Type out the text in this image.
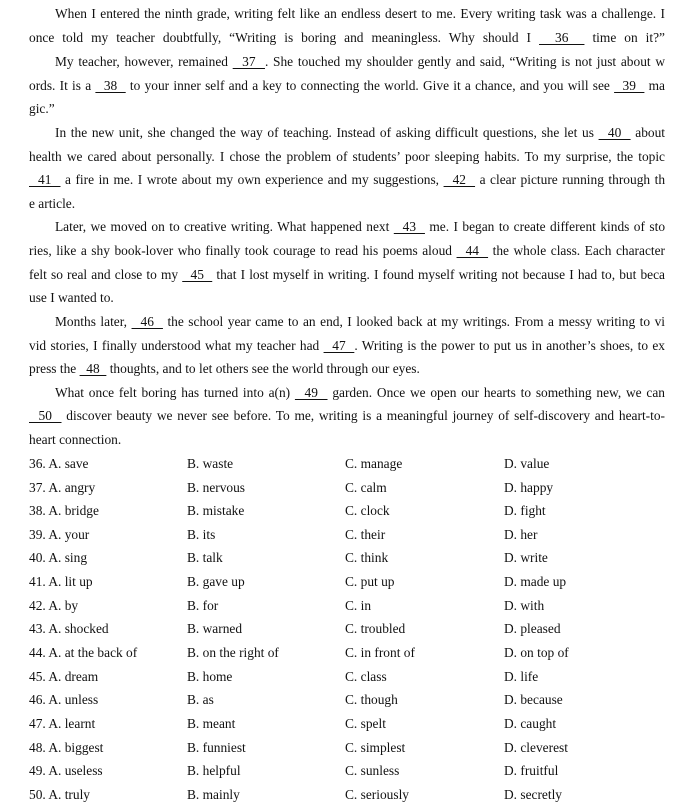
When I entered the ninth grade, writing felt like an endless desert to me. Every writing task was a challenge. I
once told my teacher doubtfully, “Writing is boring and meaningless. Why should I   36   time on it?”
My teacher, however, remained   37  . She touched my shoulder gently and said, “Writing is not just about w
ords. It is a   38   to your inner self and a key to connecting the world. Give it a chance, and you will see   39   ma
gic.”
In the new unit, she changed the way of teaching. Instead of asking difficult questions, she let us   40   about
health we cared about personally. I chose the problem of students’ poor sleeping habits. To my surprise, the topic
41   a fire in me. I wrote about my own experience and my suggestions,   42   a clear picture running through th
e article.
Later, we moved on to creative writing. What happened next   43   me. I began to create different kinds of sto
ries, like a shy book-lover who finally took courage to read his poems aloud   44   the whole class. Each character
felt so real and close to my   45   that I lost myself in writing. I found myself writing not because I had to, but beca
use I wanted to.
Months later,   46   the school year came to an end, I looked back at my writings. From a messy writing to vi
vid stories, I finally understood what my teacher had   47  . Writing is the power to put us in another’s shoes, to ex
press the   48   thoughts, and to let others see the world through our eyes.
What once felt boring has turned into a(n)   49   garden. Once we open our hearts to something new, we can
50   discover beauty we never see before. To me, writing is a meaningful journey of self-discovery and heart-to-
heart connection.
36. A. save	B. waste	C. manage	D. value
37. A. angry	B. nervous	C. calm	D. happy
38. A. bridge	B. mistake	C. clock	D. fight
39. A. your	B. its	C. their	D. her
40. A. sing	B. talk	C. think	D. write
41. A. lit up	B. gave up	C. put up	D. made up
42. A. by	B. for	C. in	D. with
43. A. shocked	B. warned	C. troubled	D. pleased
44. A. at the back of	B. on the right of	C. in front of	D. on top of
45. A. dream	B. home	C. class	D. life
46. A. unless	B. as	C. though	D. because
47. A. learnt	B. meant	C. spelt	D. caught
48. A. biggest	B. funniest	C. simplest	D. cleverest
49. A. useless	B. helpful	C. sunless	D. fruitful
50. A. truly	B. mainly	C. seriously	D. secretly
